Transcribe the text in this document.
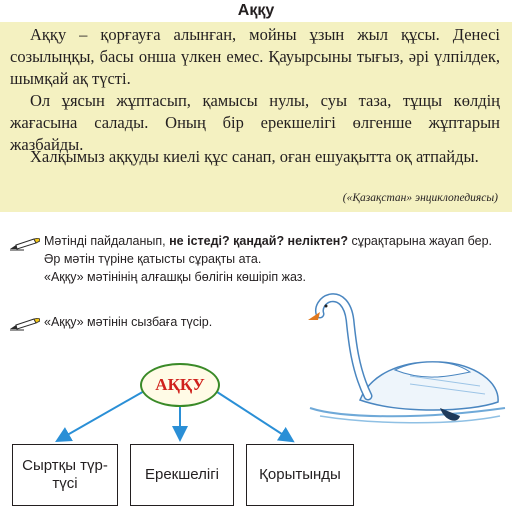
Аққу

Аққу – қорғауға алынған, мойны ұзын жыл құсы. Денесі созылыңқы, басы онша үлкен емес. Қауырсыны тығыз, әрі үлпілдек, шымқай ақ түсті.

Ол ұясын жұптасып, қамысы нулы, суы таза, тұщы көлдің жағасына салады. Оның бір ерекшелігі өлгенше жұптарын жазбайды.

Халқымыз аққуды киелі құс санап, оған ешуақытта оқ атпайды.

(«Қазақстан» энциклопедиясы)
Мәтінді пайдаланып, не істеді? қандай? неліктен? сұрақтарына жауап бер. Әр мәтін түріне қатысты сұрақты ата.
«Аққу» мәтінінің алғашқы бөлігін көшіріп жаз.
«Аққу» мәтінін сызбаға түсір.
АҚҚУ
Сыртқы түр-түсі
Ерекшелігі	Қорытынды
